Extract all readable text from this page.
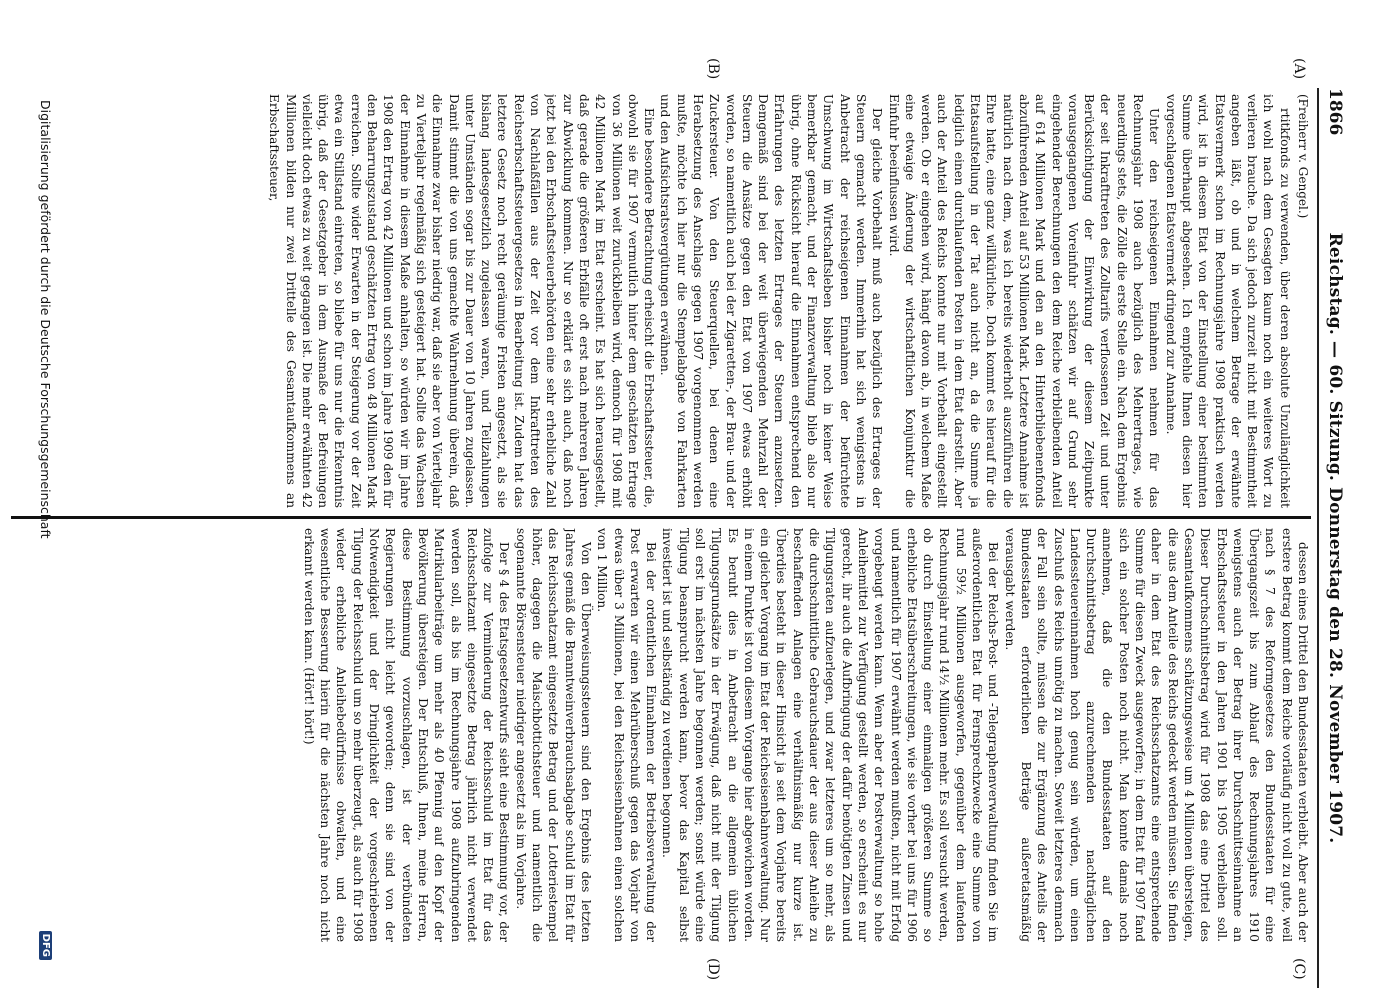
1866
Reichstag. — 60. Sitzung. Donnerstag den 28. November 1907.
(A)
(B)
(C)
(D)
(Freiherr v. Gengel.)

rtitkfonds zu verwenden, über deren absolute Unzulänglichkeit ich wohl nach dem Gesagten kaum noch ein weiteres Wort zu verlieren brauche. Da sich jedoch zurzeit nicht mit Bestimmtheit angeben läßt, ob und in welchem Betrage der erwähnte Etatsvermerk schon im Rechnungsjahre 1908 praktisch werden wird, ist in diesem Etat von der Einstellung einer bestimmten Summe überhaupt abgesehen. Ich empfehle Ihnen diesen hier vorgeschlagenen Etatsvermerk dringend zur Annahme.

Unter den reichseigenen Einnahmen nehmen für das Rechnungsjahr 1908 auch bezüglich des Mehrertrages, wie neuerdings stets, die Zölle die erste Stelle ein. Nach dem Ergebnis der seit Inkrafttreten des Zolltarifs verflossenen Zeit und unter Berücksichtigung der Einwirkung der diesem Zeitpunkte vorausgegangenen Voreinfuhr schätzen wir auf Grund sehr eingehender Berechnungen den dem Reiche verbleibenden Anteil auf 614 Millionen Mark und den an den Hinterbliebenenfonds abzuführenden Anteil auf 53 Millionen Mark. Letztere Annahme ist natürlich nach dem, was ich bereits wiederholt auszuführen die Ehre hatte, eine ganz willkürliche. Doch kommt es hierauf für die Etatsaufstellung in der Tat auch nicht an, da die Summe ja lediglich einen durchlaufenden Posten in dem Etat darstellt. Aber auch der Anteil des Reichs konnte nur mit Vorbehalt eingestellt werden. Ob er eingehen wird, hängt davon ab, in welchem Maße eine etwaige Änderung der wirtschaftlichen Konjunktur die Einfuhr beeinflussen wird.

Der gleiche Vorbehalt muß auch bezüglich des Ertrages der Steuern gemacht werden. Immerhin hat sich wenigstens in Anbetracht der reichseigenen Einnahmen der befürchtete Umschwung im Wirtschaftsleben bisher noch in keiner Weise bemerkbar gemacht, und der Finanzverwaltung blieb also nur übrig, ohne Rücksicht hierauf die Einnahmen entsprechend den Erfahrungen des letzten Ertrages der Steuern anzusetzen. Demgemäß sind bei der weit überwiegenden Mehrzahl der Steuern die Ansätze gegen den Etat von 1907 etwas erhöht worden, so namentlich auch bei der Zigaretten-, der Brau- und der Zuckersteuer. Von den Steuerquellen, bei denen eine Herabsetzung des Anschlags gegen 1907 vorgenommen werden mußte, möchte ich hier nur die Stempelabgabe von Fahrkarten und den Aufsichtsratsvergütungen erwähnen.

Eine besondere Betrachtung erheischt die Erbschaftssteuer, die, obwohl sie für 1907 vermutlich hinter dem geschätzten Ertrage von 36 Millionen weit zurückbleiben wird, dennoch für 1908 mit 42 Millionen Mark im Etat erscheint. Es hat sich herausgestellt, daß gerade die größeren Erbfälle oft erst nach mehreren Jahren zur Abwicklung kommen. Nur so erklärt es sich auch, daß noch jetzt bei den Erbschaftssteuerbehörden eine sehr erhebliche Zahl von Nachlaßfällen aus der Zeit vor dem Inkrafttreten des Reichserbschaftssteuergesetzes in Bearbeitung ist. Zudem hat das letztere Gesetz noch recht geräumige Fristen angesetzt, als sie bislang landesgesetzlich zugelassen waren, und Teilzahlungen unter Umständen sogar bis zur Dauer von 10 Jahren zugelassen. Damit stimmt die von uns gemachte Wahrnehmung überein, daß die Einnahme zwar bisher niedrig war, daß sie aber von Vierteljahr zu Vierteljahr regelmäßig sich gesteigert hat. Sollte das Wachsen der Einnahme in diesem Maße anhalten, so würden wir im Jahre 1908 den Ertrag von 42 Millionen und schon im Jahre 1909 den für den Beharrungszustand geschätzten Ertrag von 48 Millionen Mark erreichen. Sollte wider Erwarten in der Steigerung vor der Zeit etwa ein Stillstand eintreten, so bliebe für uns nur die Erkenntnis übrig, daß der Gesetzgeber in dem Ausmaße der Befreiungen vielleicht doch etwas zu weit gegangen ist. Die mehr erwähnten 42 Millionen bilden nur zwei Drittelle des Gesamtaufkommens an Erbschaftssteuer,

dessen eines Drittel den Bundesstaaten verbleibt. Aber auch der erstere Betrag kommt dem Reiche vorläufig nicht voll zu gute, weil nach § 7 des Reformgesetzes den Bundesstaaten für eine Übergangszeit bis zum Ablauf des Rechnungsjahres 1910 wenigstens auch der Betrag ihrer Durchschnittseinnahme an Erbschaftssteuer in den Jahren 1901 bis 1905 verbleiben soll. Dieser Durchschnittsbetrag wird für 1908 das eine Drittel des Gesamtaufkommens schätzungsweise um 4 Millionen übersteigen, die aus dem Anteile des Reichs gedeckt werden müssen. Sie finden daher in dem Etat des Reichsschatzamts eine entsprechende Summe für diesen Zweck ausgeworfen; in dem Etat für 1907 fand sich ein solcher Posten noch nicht. Man konnte damals noch annehmen, daß die den Bundesstaaten auf den Durchschnittsbetrag anzurechnenden nachträglichen Landessteuereinnahmen hoch genug sein würden, um einen Zuschuß des Reichs unnötig zu machen. Soweit letzteres demnach der Fall sein sollte, müssen die zur Ergänzung des Anteils der Bundesstaaten erforderlichen Beträge außeretatsmäßig verausgabt werden.

Bei der Reichs-Post- und -Telegraphenverwaltung finden Sie im außerordentlichen Etat für Fernsprechzwecke eine Summe von rund 59½ Millionen ausgeworfen, gegenüber dem laufenden Rechnungsjahr rund 14½ Millionen mehr. Es soll versucht werden, ob durch Einstellung einer einmaligen größeren Summe so erhebliche Etatsüberschreitungen, wie sie vorher bei uns für 1906 und namentlich für 1907 erwähnt werden mußten, nicht mit Erfolg vorgebeugt werden kann. Wenn aber der Postverwaltung so hohe Anleihemittel zur Verfügung gestellt werden, so erscheint es nur gerecht, ihr auch die Aufbringung der dafür benötigten Zinsen und Tilgungsraten aufzuerlegen, und zwar letzteres um so mehr, als die durchschnittliche Gebrauchsdauer der aus dieser Anleihe zu beschaffenden Anlagen eine verhältnismäßig nur kurze ist. Überdies besteht in dieser Hinsicht ja seit dem Vorjahre bereits ein gleicher Vorgang im Etat der Reichseisenbahnverwaltung. Nur in einem Punkte ist von diesem Vorgange hier abgewichen worden. Es beruht dies in Anbetracht an die allgemein üblichen Tilgungsgrundsätze in der Erwägung, daß nicht mit der Tilgung soll erst im nächsten Jahre begonnen werden; sonst würde eine Tilgung beansprucht werden kann, bevor das Kapital selbst investiert ist und selbständig zu verdienen begonnen.

Bei der ordentlichen Einnahmen der Betriebsverwaltung der Post erwarten wir einen Mehrüberschuß gegen das Vorjahr von etwas über 3 Millionen, bei den Reichseisenbahnen einen solchen von 1 Million.

Von den Überweisungssteuern sind den Ergebnis des letzten Jahres gemäß die Branntweinverbrauchsabgabe schuld im Etat für das Reichsschatzamt eingesetzte Betrag und der Lotteriestempel höher, dagegen die Maischbottichsteuer und namentlich die sogenannte Börsensteuer niedriger angesetzt als im Vorjahre.

Der § 4 des Etatsgesetzentwurfs sieht eine Bestimmung vor, der zufolge zur Verminderung der Reichsschuld im Etat für das Reichsschatzamt eingesetzte Betrag jährlich nicht verwendet werden soll, als bis im Rechnungsjahre 1908 aufzubringenden Matrikularbeiträge um mehr als 40 Pfennig auf den Kopf der Bevölkerung übersteigen. Der Entschluß, Ihnen, meine Herren, diese Bestimmung vorzuschlagen, ist der verbündeten Regierungen nicht leicht geworden; denn sie sind von der Notwendigkeit und der Dringlichkeit der vorgeschriebenen Tilgung der Reichsschuld um so mehr überzeugt, als auch für 1908 wieder erhebliche Anleihebedürfnisse obwalten, und eine wesentliche Besserung hierin für die nächsten Jahre noch nicht erkannt werden kann. (Hört! hört!)

Digitalisierung gefördert durch die Deutsche Forschungsgemeinschaft
DFG
